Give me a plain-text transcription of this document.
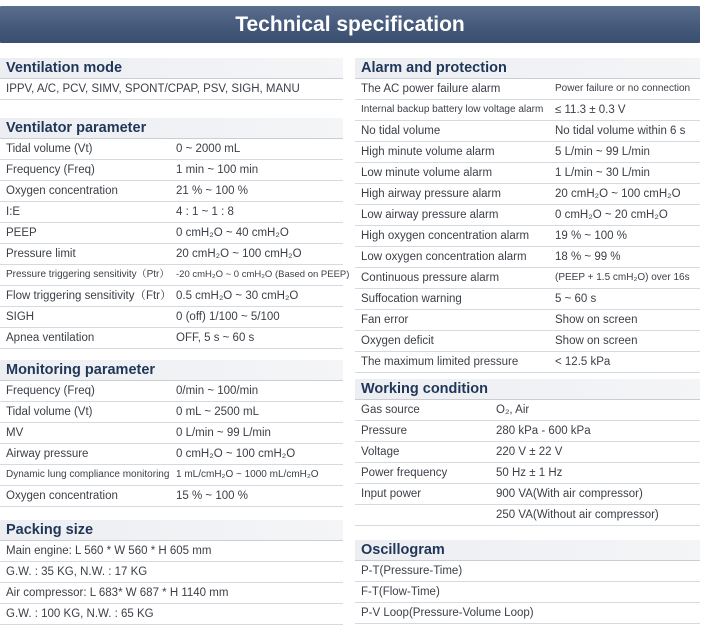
Technical specification
Ventilation mode
IPPV, A/C, PCV, SIMV, SPONT/CPAP, PSV, SIGH, MANU
Ventilator parameter
Tidal volume (Vt)	0 ~ 2000 mL
Frequency (Freq)	1 min ~ 100 min
Oxygen concentration	21 % ~ 100 %
I:E	4 : 1 ~ 1 : 8
PEEP	0 cmH₂O ~ 40 cmH₂O
Pressure limit	20 cmH₂O ~ 100 cmH₂O
Pressure triggering sensitivity（Ptr） -20 cmH₂O ~ 0 cmH₂O (Based on PEEP)
Flow triggering sensitivity（Ftr） 0.5 cmH₂O ~ 30 cmH₂O
SIGH	0 (off) 1/100 ~ 5/100
Apnea ventilation	OFF, 5 s ~ 60 s
Monitoring parameter
Frequency (Freq)	0/min ~ 100/min
Tidal volume (Vt)	0 mL ~ 2500 mL
MV	0 L/min ~ 99 L/min
Airway pressure	0 cmH₂O ~ 100 cmH₂O
Dynamic lung compliance monitoring 1 mL/cmH₂O ~ 1000 mL/cmH₂O
Oxygen concentration	15 % ~ 100 %
Packing size
Main engine: L 560 * W 560 * H 605 mm
G.W. : 35 KG, N.W. : 17 KG
Air compressor: L 683* W 687 * H 1140 mm
G.W. : 100 KG, N.W. : 65 KG
Alarm and protection
The AC power failure alarm	Power failure or no connection
Internal backup battery low voltage alarm ≤ 11.3 ± 0.3 V
No tidal volume	No tidal volume within 6 s
High minute volume alarm	5 L/min ~ 99 L/min
Low minute volume alarm	1 L/min ~ 30 L/min
High airway pressure alarm	20 cmH₂O ~ 100 cmH₂O
Low airway pressure alarm	0 cmH₂O ~ 20 cmH₂O
High oxygen concentration alarm 19 % ~ 100 %
Low oxygen concentration alarm 18 % ~ 99 %
Continuous pressure alarm	(PEEP + 1.5 cmH₂O) over 16s
Suffocation warning	5 ~ 60 s
Fan error	Show on screen
Oxygen deficit	Show on screen
The maximum limited pressure	< 12.5 kPa
Working condition
Gas source	O₂, Air
Pressure	280 kPa - 600 kPa
Voltage	220 V ± 22 V
Power frequency	50 Hz ± 1 Hz
Input power	900 VA(With air compressor)
250 VA(Without air compressor)
Oscillogram
P-T(Pressure-Time)
F-T(Flow-Time)
P-V Loop(Pressure-Volume Loop)
